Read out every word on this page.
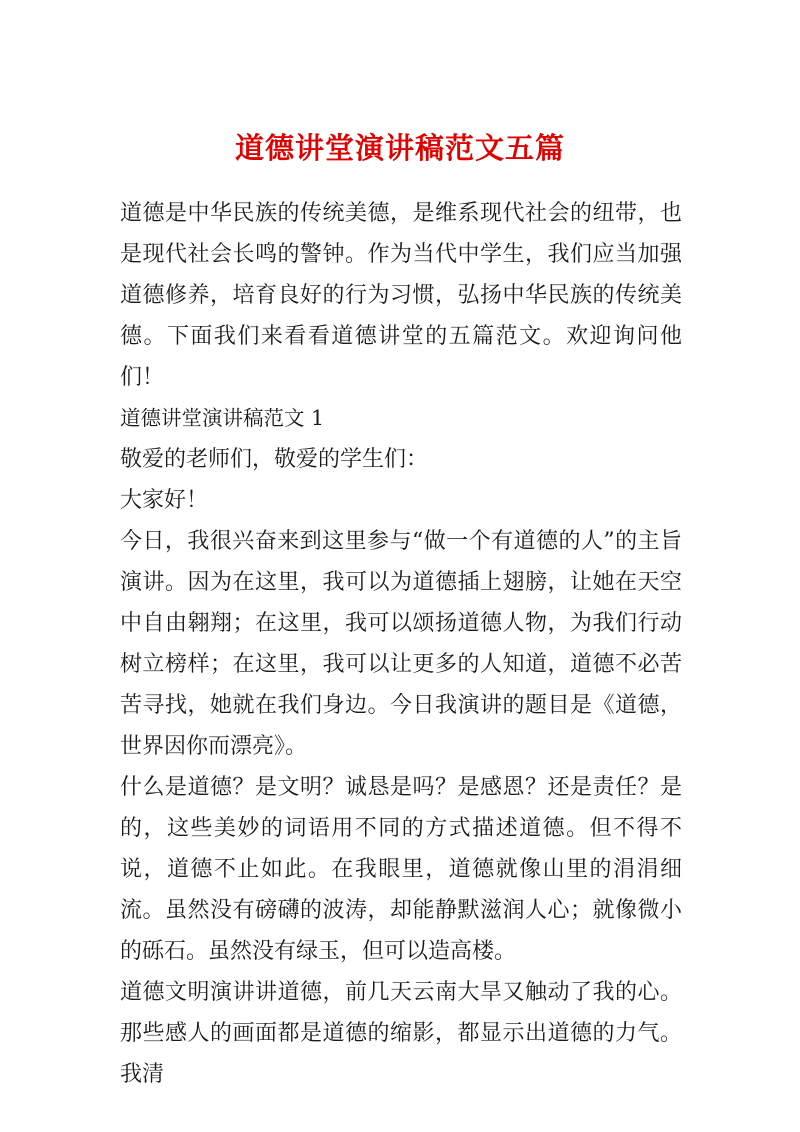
道德讲堂演讲稿范文五篇

道德是中华民族的传统美德，是维系现代社会的纽带，也是现代社会长鸣的警钟。作为当代中学生，我们应当加强道德修养，培育良好的行为习惯，弘扬中华民族的传统美德。下面我们来看看道德讲堂的五篇范文。欢迎询问他们！

道德讲堂演讲稿范文 1

敬爱的老师们，敬爱的学生们：

大家好！

今日，我很兴奋来到这里参与“做一个有道德的人”的主旨演讲。因为在这里，我可以为道德插上翅膀，让她在天空中自由翱翔；在这里，我可以颂扬道德人物，为我们行动树立榜样；在这里，我可以让更多的人知道，道德不必苦苦寻找，她就在我们身边。今日我演讲的题目是《道德，世界因你而漂亮》。

什么是道德？是文明？诚恳是吗？是感恩？还是责任？是的，这些美妙的词语用不同的方式描述道德。但不得不说，道德不止如此。在我眼里，道德就像山里的涓涓细流。虽然没有磅礴的波涛，却能静默滋润人心；就像微小的砾石。虽然没有绿玉，但可以造高楼。

道德文明演讲讲道德，前几天云南大旱又触动了我的心。那些感人的画面都是道德的缩影，都显示出道德的力气。我清
